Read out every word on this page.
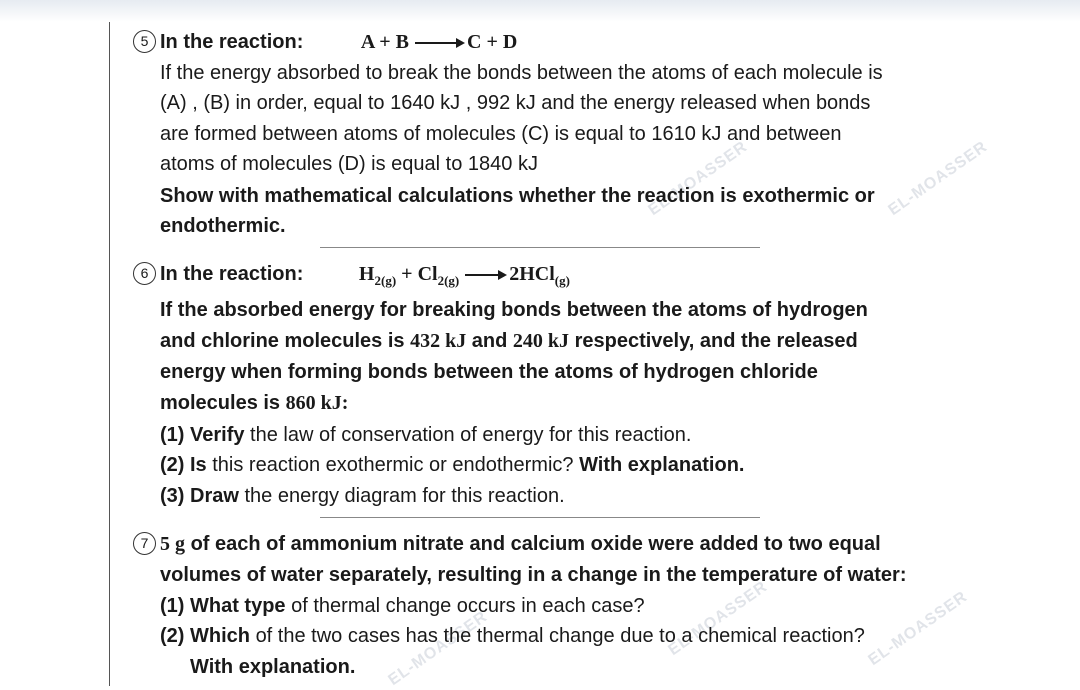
EL-MOASSER	EL-MOASSER
EL-MOASSER	EL-MOASSER
EL-MOASSER
5 In the reaction:	A + B → C + D
If the energy absorbed to break the bonds between the atoms of each molecule is
(A) , (B) in order, equal to 1640 kJ , 992 kJ and the energy released when bonds
are formed between atoms of molecules (C) is equal to 1610 kJ and between
atoms of molecules (D) is equal to 1840 kJ
Show with mathematical calculations whether the reaction is exothermic or
endothermic.
6 In the reaction:	$H_{2(g)} + Cl_{2(g)} \to 2HCl_{(g)}$
If the absorbed energy for breaking bonds between the atoms of hydrogen
and chlorine molecules is 432 kJ and 240 kJ respectively, and the released
energy when forming bonds between the atoms of hydrogen chloride
molecules is 860 kJ:
(1) Verify the law of conservation of energy for this reaction.
(2) Is this reaction exothermic or endothermic? With explanation.
(3) Draw the energy diagram for this reaction.
7 5 g of each of ammonium nitrate and calcium oxide were added to two equal
volumes of water separately, resulting in a change in the temperature of water:
(1) What type of thermal change occurs in each case?
(2) Which of the two cases has the thermal change due to a chemical reaction?
With explanation.
